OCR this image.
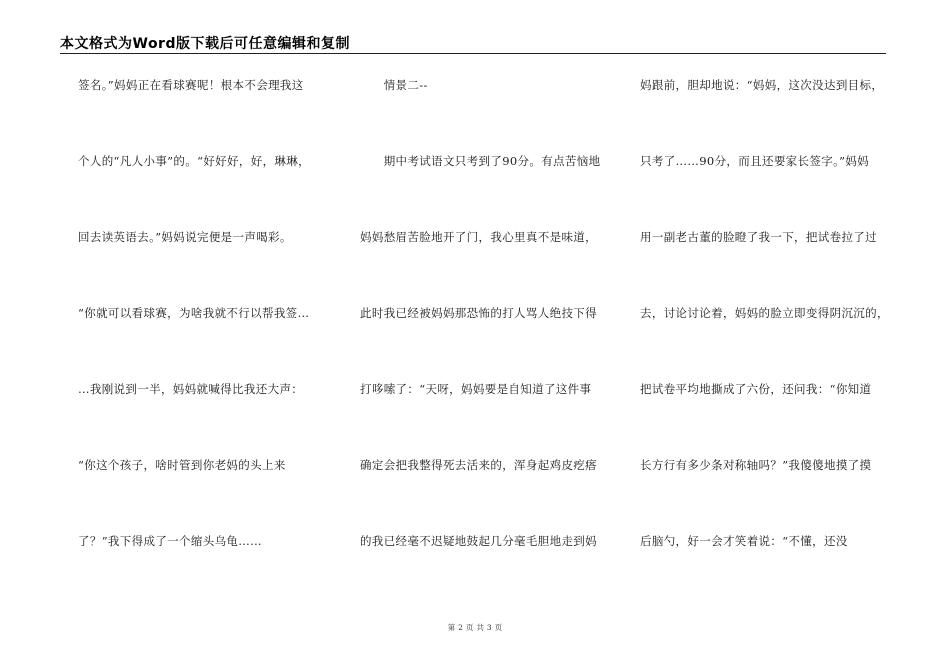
本文格式为Word版下载后可任意编辑和复制
签名。”妈妈正在看球赛呢！根本不会理我这
个人的“凡人小事”的。“好好好，好，琳琳，
回去读英语去。”妈妈说完便是一声喝彩。
“你就可以看球赛，为啥我就不行以帮我签…
…我刚说到一半，妈妈就喊得比我还大声：
“你这个孩子，啥时管到你老妈的头上来
了？”我下得成了一个缩头乌龟……
　　情景二--
　　期中考试语文只考到了90分。有点苦恼地
妈妈愁眉苦脸地开了门，我心里真不是味道，
此时我已经被妈妈那恐怖的打人骂人绝技下得
打哆嗦了：“天呀，妈妈要是自知道了这件事
确定会把我整得死去活来的，浑身起鸡皮疙瘩
的我已经毫不迟疑地鼓起几分毫毛胆地走到妈
妈跟前，胆却地说：“妈妈，这次没达到目标，
只考了……90分，而且还要家长签字。”妈妈
用一副老古董的脸瞪了我一下，把试卷拉了过
去，讨论讨论着，妈妈的脸立即变得阴沉沉的，
把试卷平均地撕成了六份，还问我：“你知道
长方行有多少条对称轴吗？”我傻傻地摸了摸
后脑勺，好一会才笑着说：“不懂，还没
第 2 页 共 3 页
